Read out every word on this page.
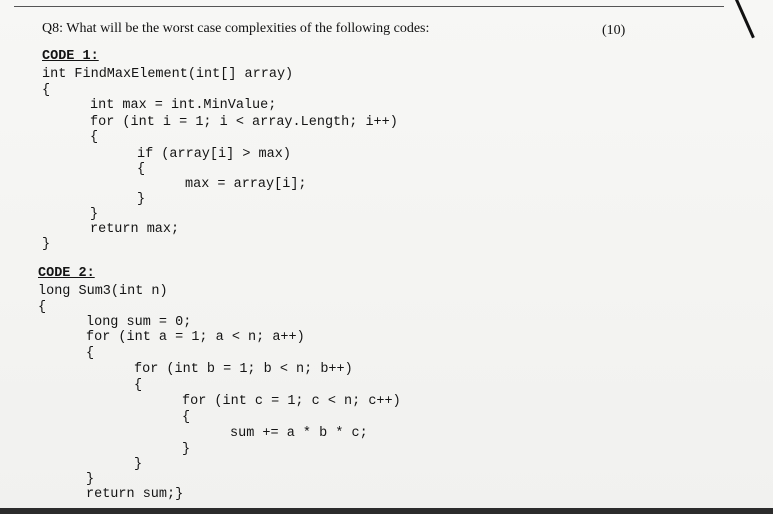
Q8: What will be the worst case complexities of the following codes:	(10)
CODE 1:
int FindMaxElement(int[] array)
{
int max = int.MinValue;
for (int i = 1; i < array.Length; i++)
{
if (array[i] > max)
{
max = array[i];
}
}
return max;
}
CODE 2:
long Sum3(int n)
{
long sum = 0;
for (int a = 1; a < n; a++)
{
for (int b = 1; b < n; b++)
{
for (int c = 1; c < n; c++)
{
sum += a * b * c;
}
}
}
return sum;}
